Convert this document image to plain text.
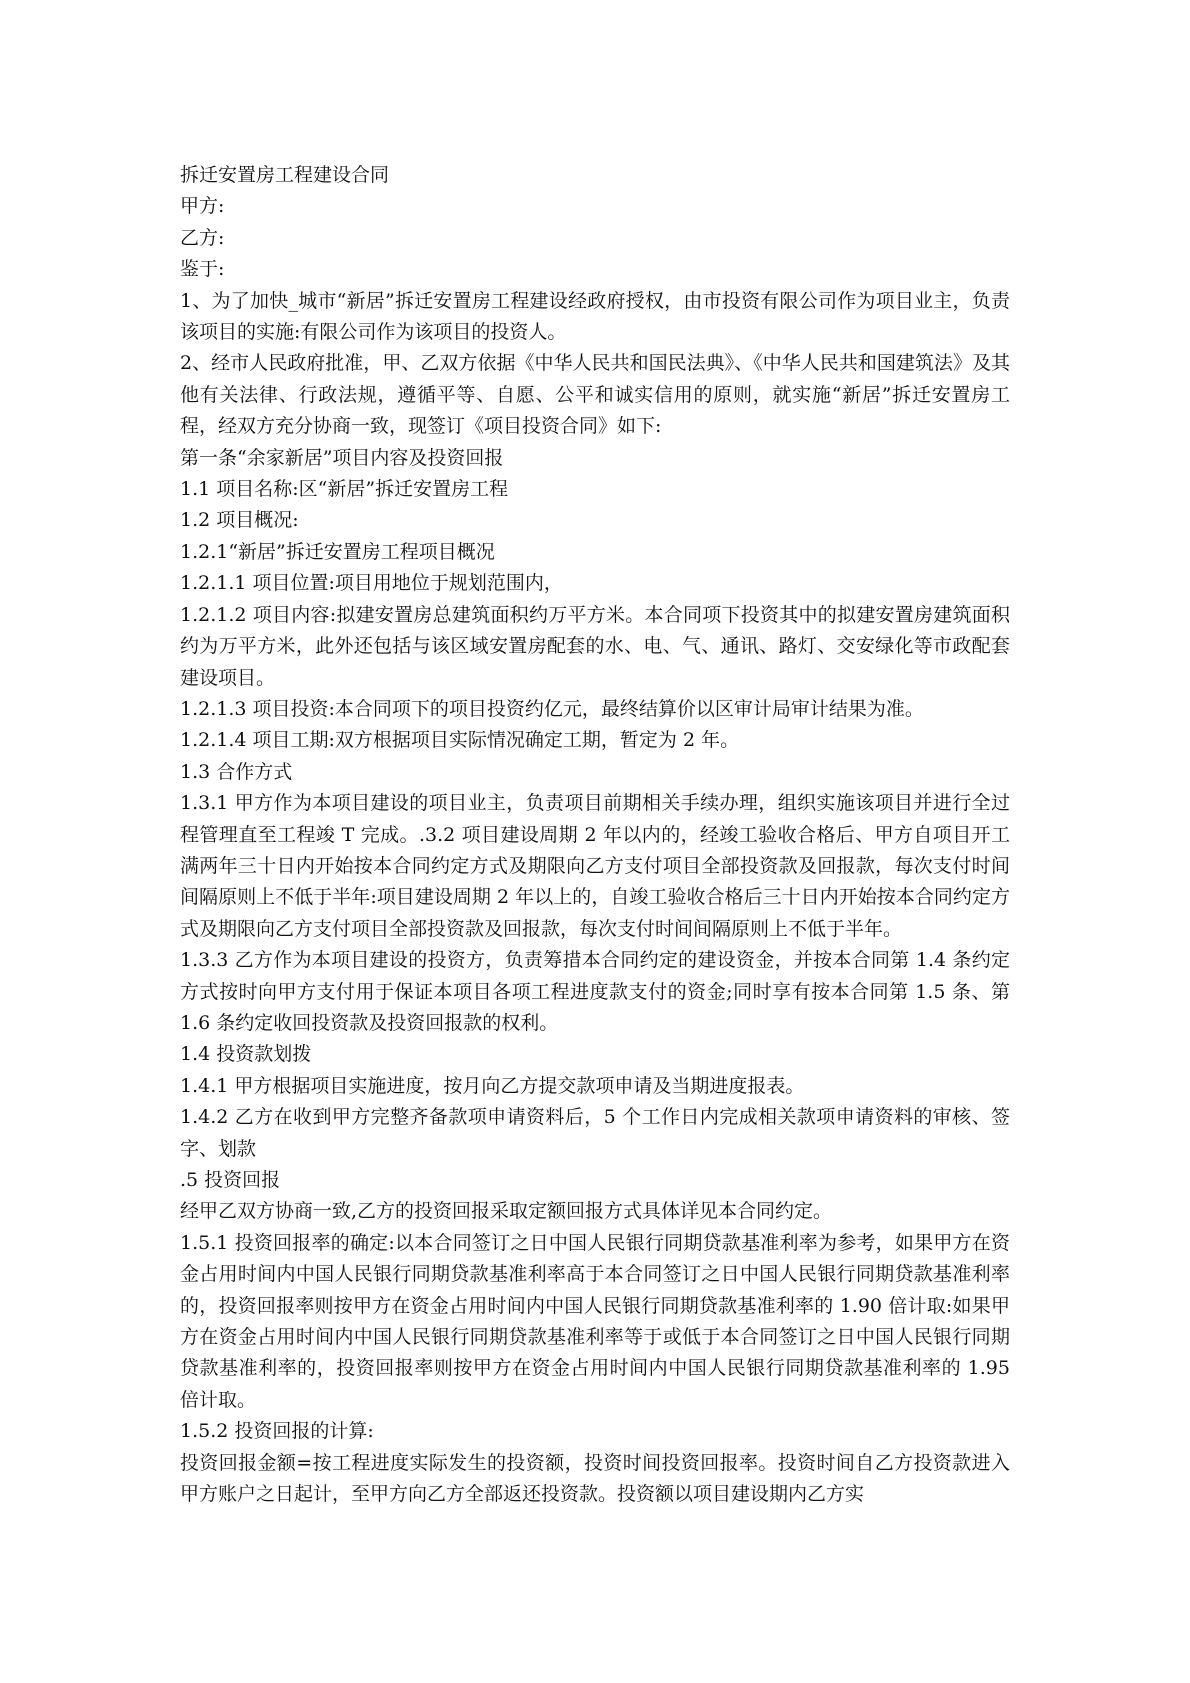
拆迁安置房工程建设合同

甲方:

乙方:

鉴于:

1、为了加快_城市“新居”拆迁安置房工程建设经政府授权，由市投资有限公司作为项目业主，负责该项目的实施:有限公司作为该项目的投资人。

2、经市人民政府批准，甲、乙双方依据《中华人民共和国民法典》、《中华人民共和国建筑法》及其他有关法律、行政法规，遵循平等、自愿、公平和诚实信用的原则，就实施“新居”拆迁安置房工程，经双方充分协商一致，现签订《项目投资合同》如下:

第一条“余家新居”项目内容及投资回报

1.1 项目名称:区“新居”拆迁安置房工程

1.2 项目概况:

1.2.1“新居”拆迁安置房工程项目概况

1.2.1.1 项目位置:项目用地位于规划范围内，

1.2.1.2 项目内容:拟建安置房总建筑面积约万平方米。本合同项下投资其中的拟建安置房建筑面积约为万平方米，此外还包括与该区域安置房配套的水、电、气、通讯、路灯、交安绿化等市政配套建设项目。

1.2.1.3 项目投资:本合同项下的项目投资约亿元，最终结算价以区审计局审计结果为准。

1.2.1.4 项目工期:双方根据项目实际情况确定工期，暂定为 2 年。

1.3 合作方式

1.3.1 甲方作为本项目建设的项目业主，负责项目前期相关手续办理，组织实施该项目并进行全过程管理直至工程竣 T 完成。.3.2 项目建设周期 2 年以内的，经竣工验收合格后、甲方自项目开工满两年三十日内开始按本合同约定方式及期限向乙方支付项目全部投资款及回报款，每次支付时间间隔原则上不低于半年:项目建设周期 2 年以上的，自竣工验收合格后三十日内开始按本合同约定方式及期限向乙方支付项目全部投资款及回报款，每次支付时间间隔原则上不低于半年。

1.3.3 乙方作为本项目建设的投资方，负责筹措本合同约定的建设资金，并按本合同第 1.4 条约定方式按时向甲方支付用于保证本项目各项工程进度款支付的资金;同时享有按本合同第 1.5 条、第 1.6 条约定收回投资款及投资回报款的权利。

1.4 投资款划拨

1.4.1 甲方根据项目实施进度，按月向乙方提交款项申请及当期进度报表。

1.4.2 乙方在收到甲方完整齐备款项申请资料后，5 个工作日内完成相关款项申请资料的审核、签字、划款

.5 投资回报

经甲乙双方协商一致,乙方的投资回报采取定额回报方式具体详见本合同约定。

1.5.1 投资回报率的确定:以本合同签订之日中国人民银行同期贷款基准利率为参考，如果甲方在资金占用时间内中国人民银行同期贷款基准利率高于本合同签订之日中国人民银行同期贷款基准利率的，投资回报率则按甲方在资金占用时间内中国人民银行同期贷款基准利率的 1.90 倍计取:如果甲方在资金占用时间内中国人民银行同期贷款基准利率等于或低于本合同签订之日中国人民银行同期贷款基准利率的，投资回报率则按甲方在资金占用时间内中国人民银行同期贷款基准利率的 1.95 倍计取。

1.5.2 投资回报的计算:

投资回报金额=按工程进度实际发生的投资额，投资时间投资回报率。投资时间自乙方投资款进入甲方账户之日起计，至甲方向乙方全部返还投资款。投资额以项目建设期内乙方实
